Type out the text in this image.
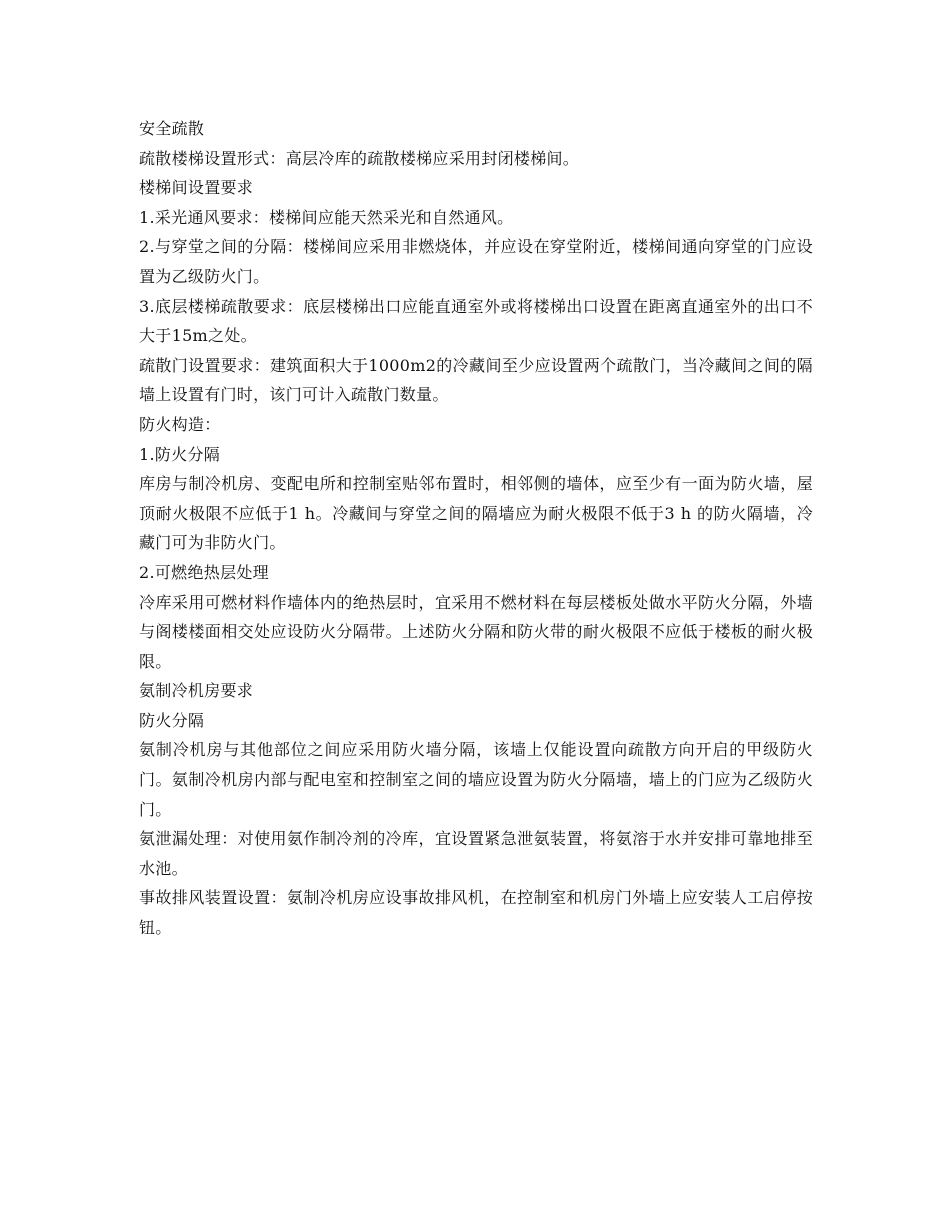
安全疏散

疏散楼梯设置形式：高层冷库的疏散楼梯应采用封闭楼梯间。

楼梯间设置要求

1.采光通风要求：楼梯间应能天然采光和自然通风。

2.与穿堂之间的分隔：楼梯间应采用非燃烧体，并应设在穿堂附近，楼梯间通向穿堂的门应设置为乙级防火门。

3.底层楼梯疏散要求：底层楼梯出口应能直通室外或将楼梯出口设置在距离直通室外的出口不大于15m之处。

疏散门设置要求：建筑面积大于1000m2的冷藏间至少应设置两个疏散门，当冷藏间之间的隔墙上设置有门时，该门可计入疏散门数量。

防火构造：

1.防火分隔

库房与制冷机房、变配电所和控制室贴邻布置时，相邻侧的墙体，应至少有一面为防火墙，屋顶耐火极限不应低于1 h。冷藏间与穿堂之间的隔墙应为耐火极限不低于3 h 的防火隔墙，冷藏门可为非防火门。

2.可燃绝热层处理

冷库采用可燃材料作墙体内的绝热层时，宜采用不燃材料在每层楼板处做水平防火分隔，外墙与阁楼楼面相交处应设防火分隔带。上述防火分隔和防火带的耐火极限不应低于楼板的耐火极限。

氨制冷机房要求

防火分隔

氨制冷机房与其他部位之间应采用防火墙分隔，该墙上仅能设置向疏散方向开启的甲级防火门。氨制冷机房内部与配电室和控制室之间的墙应设置为防火分隔墙，墙上的门应为乙级防火门。

氨泄漏处理：对使用氨作制冷剂的冷库，宜设置紧急泄氨装置，将氨溶于水并安排可靠地排至水池。

事故排风装置设置：氨制冷机房应设事故排风机，在控制室和机房门外墙上应安装人工启停按钮。
